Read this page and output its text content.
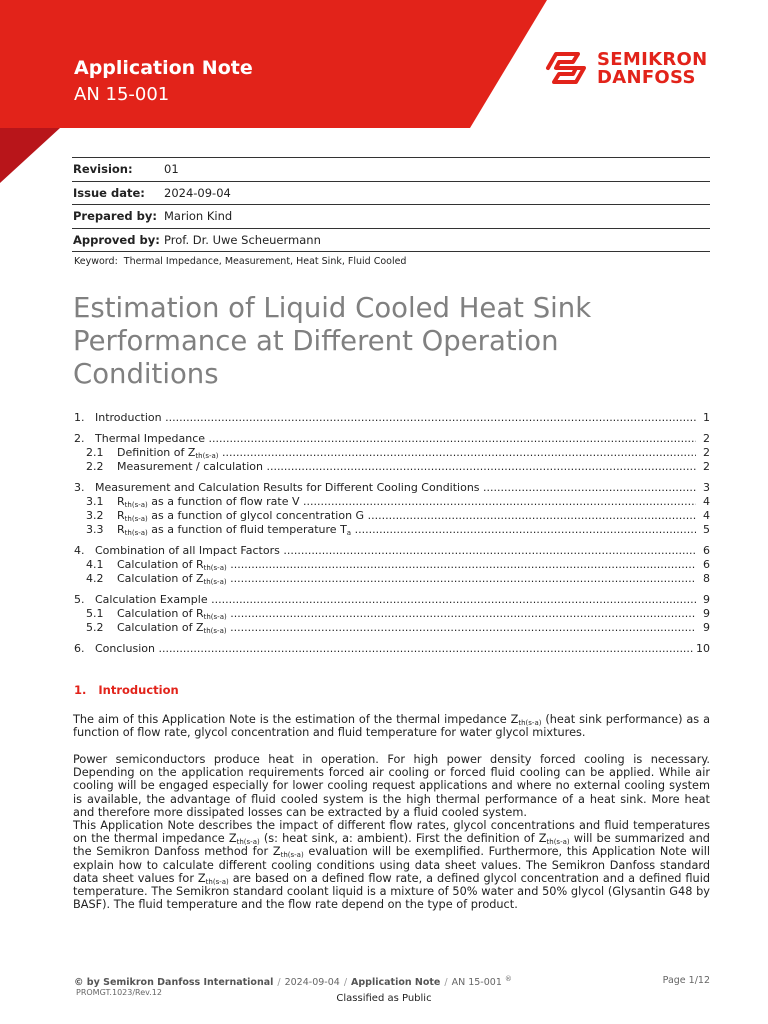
Application Note
AN 15-001
SEMIKRON
DANFOSS
Revision:	01
Issue date: 2024-09-04
Prepared by: Marion Kind
Approved by: Prof. Dr. Uwe Scheuermann
Keyword: Thermal Impedance, Measurement, Heat Sink, Fluid Cooled
Estimation of Liquid Cooled Heat Sink
Performance at Different Operation
Conditions
1. Introduction .....	1
2. Thermal Impedance .....	2
2.1 Definition of $Z_{th(s-a)}$ .....	2
2.2 Measurement / calculation .....	2
3. Measurement and Calculation Results for Different Cooling Conditions .....	3
3.1 $R_{th(s-a)}$ as a function of flow rate V .....	4
3.2 $R_{th(s-a)}$ as a function of glycol concentration G .....	4
3.3 $R_{th(s-a)}$ as a function of fluid temperature $T_a$ .....	5
4. Combination of all Impact Factors .....	6
4.1 Calculation of $R_{th(s-a)}$ .....	6
4.2 Calculation of $Z_{th(s-a)}$ .....	8
5. Calculation Example .....	9
5.1 Calculation of $R_{th(s-a)}$ .....	9
5.2 Calculation of $Z_{th(s-a)}$ .....	9
6. Conclusion .....	10
1. Introduction
The aim of this Application Note is the estimation of the thermal impedance $Z_{th(s-a)}$ (heat sink performance) as a function of flow rate, glycol concentration and fluid temperature for water glycol mixtures.
Power semiconductors produce heat in operation. For high power density forced cooling is necessary. Depending on the application requirements forced air cooling or forced fluid cooling can be applied. While air cooling will be engaged especially for lower cooling request applications and where no external cooling system is available, the advantage of fluid cooled system is the high thermal performance of a heat sink. More heat and therefore more dissipated losses can be extracted by a fluid cooled system.
This Application Note describes the impact of different flow rates, glycol concentrations and fluid temperatures on the thermal impedance $Z_{th(s-a)}$ (s: heat sink, a: ambient). First the definition of $Z_{th(s-a)}$ will be summarized and the Semikron Danfoss method for $Z_{th(s-a)}$ evaluation will be exemplified. Furthermore, this Application Note will explain how to calculate different cooling conditions using data sheet values. The Semikron Danfoss standard data sheet values for $Z_{th(s-a)}$ are based on a defined flow rate, a defined glycol concentration and a defined fluid temperature. The Semikron standard coolant liquid is a mixture of 50% water and 50% glycol (Glysantin G48 by BASF). The fluid temperature and the flow rate depend on the type of product.
© by Semikron Danfoss International / 2024-09-04 / Application Note / AN 15-001 ®	Page 1/12
PROMGT.1023/Rev.12
Classified as Public
